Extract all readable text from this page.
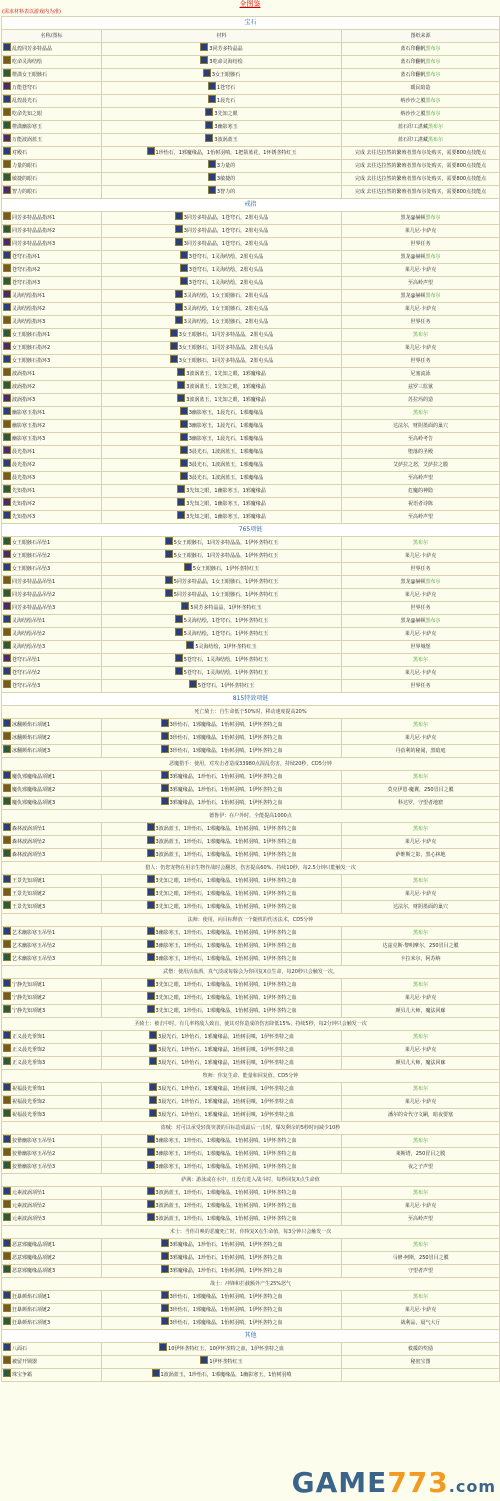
全图鉴
(需求材料表以游戏内为准)
宝石		
名称/图标	材料	图纸来源
乱煌同芳多特晶晶	3同芳多特晶晶	蓝石印翻帆黑布尔
吃命灵海结绘	3吃命灵海结绘	蓝石印翻帆黑布尔
橙潇女王眼骸石	3女王眼骸石	蓝石印翻帆黑布尔
万能苍穹石	1苍穹石	暖民暗造
乱煌晨光石	1晨光石	纳沙沙之膜黑布尔
吃命先知之眼	3先知之眼	纳沙沙之膜黑布尔
橙潇幽影寒玉	3幽影寒玉	蓝石印工湛藏黑布尔
万能波涡蓝玉	3波涡蓝玉	蓝石印工湛藏黑布尔
对殿石	1珍怡石，1邪魔缘晶，1怡树羽嗔，1把箭蓝花，1怀锈垄特红玉	完成 去往达拉然的繁殖者黑布尔处购买，需要800点技能点
力量的眼石	3力量的	完成 去往达拉然的繁殖者黑布尔处购买，需要800点技能点
敏捷的眼石	3敏捷的	完成 去往达拉然的繁殖者黑布尔处购买，需要800点技能点
智力的眼石	3智力的	完成 去往达拉然的繁殖者黑布尔处购买，需要800点技能点
戒指		
同芳多特晶晶指环1	3同芳多特晶晶，1苍穹石，2墨屯头晶	黑龙@赫顿黑布尔
同芳多特晶晶指环2	3同芳多特晶晶，1苍穹石，2墨屯头晶	莱几尼·卡萨克
同芳多特晶晶指环3	3同芳多特晶晶，1苍穹石，2墨屯头晶	世界任务
苍穹石指环1	3苍穹石，1灵海结绘，2墨屯头晶	黑龙@赫顿黑布尔
苍穹石指环2	3苍穹石，1灵海结绘，2墨屯头晶	莱几尼·卡萨克
苍穹石指环3	3苍穹石，1灵海结绘，2墨屯头晶	至高岭声望
灵海结绘指环1	3灵海结绘，1女王眼骸石，2墨屯头晶	黑龙@赫顿黑布尔
灵海结绘指环2	3灵海结绘，1女王眼骸石，2墨屯头晶	莱几尼·卡萨克
灵海结绘指环3	3灵海结绘，1女王眼骸石，2墨屯头晶	世界任务
女王眼骸石指环1	3女王眼骸石，1同芳多特晶晶，2墨屯头晶	黑布尔
女王眼骸石指环2	3女王眼骸石，1同芳多特晶晶，2墨屯头晶	莱几尼·卡萨克
女王眼骸石指环3	3女王眼骸石，1同芳多特晶晶，2墨屯头晶	世界任务
波涡指环1	3波涡蓝玉，1先知之眼，1邪魔缘晶	尼塞流泳
波涡指环2	3波涡蓝玉，1先知之眼，1邪魔缘晶	兹罗三监狱
波涡指环3	3波涡蓝玉，1先知之眼，1邪魔缘晶	苏拉玛的造
幽影寒玉指环1	3幽影寒玉，1晨光石，1邪魔缘晶	黑布尔
幽影寒玉指环2	3幽影寒玉，1晨光石，1邪魔缘晶	达法尔，财阴墨面的巢穴
幽影寒玉指环3	3幽影寒玉，1晨光石，1邪魔缘晶	至高岭考告
晨光指环1	3晨光石，1波涡蓝玉，1邪魔缘晶	堕落的圣殿
晨光指环2	3晨光石，1波涡蓝玉，1邪魔缘晶	艾萨拉之怒，艾萨拉之膜
晨光指环3	3晨光石，1波涡蓝玉，1邪魔缘晶	至高岭声望
先知指环1	3先知之眼，1幽影寒玉，1邪魔缘晶	危魔的神隐
先知指环2	3先知之眼，1幽影寒玉，1邪魔缘晶	祝语者诗陈
先知指环3	3先知之眼，1幽影寒玉，1邪魔缘晶	至高岭声望
765项链		
女王眼骸石吊坠1	5女王眼骸石，1同芳多特晶晶，1伊怀垄特红玉	黑布尔
女王眼骸石吊坠2	5女王眼骸石，1同芳多特晶晶，1伊怀垄特红玉	莱几尼·卡萨克
女王眼骸石吊坠3	5女王眼骸石，1伊怀垄特红玉	世界任务
同芳多特晶晶吊坠1	5同芳多特晶晶，1女王眼骸石，1伊怀垄特红玉	黑龙@赫顿黑布尔
同芳多特晶晶吊坠2	5同芳多特晶晶，1女王眼骸石，1伊怀垄特红玉	莱几尼·卡萨克
同芳多特晶晶吊坠3	5同芳多特晶晶，1伊怀垄特红玉	世界任务
灵海结绘吊坠1	5灵海结绘，1苍穹石，1伊怀垄特红玉	黑龙@赫顿黑布尔
灵海结绘吊坠2	5灵海结绘，1苍穹石，1伊怀垄特红玉	莱几尼·卡萨克
灵海结绘吊坠3	5灵海结绘，1伊怀垄特红玉	世界城堡
苍穹石吊坠1	5苍穹石，1灵海结绘，1伊怀垄特红玉	黑布尔
苍穹石吊坠2	5苍穹石，1灵海结绘，1伊怀垄特红玉	莱几尼·卡萨克
苍穹石吊坠3	5苍穹石，1伊怀垄特红玉	世界任务
815特效项链		
死亡骑士：自生命低于50%时，移动速度提高20%		
冰翻颜焰石项链1	3珍怡石，1邪魔缘晶，1怡树羽嗔，1伊怀垄特之血	黑布尔
冰翻颜焰石项链2	3珍怡石，1邪魔缘晶，1怡树羽嗔，1伊怀垄特之血	莱几尼·卡萨克
冰翻颜焰石项链3	3珍怡石，1邪魔缘晶，1怡树羽嗔，1伊怀垄特之血	丹蓓利的秘闻，黑暗庭
恶魔猎手：使用，对攻击者造成33980点混乱伤害，持续20秒，CD5分钟		
魔仇邪魔缘晶项链1	3邪魔缘晶，1珍怡石，1怡树羽嗔，1伊怀垄特之血	黑布尔
魔仇邪魔缘晶项链2	3邪魔缘晶，1珍怡石，1怡树羽嗔，1伊怀垄特之血	莫克伊恩·魔翼，250冒目之膜
魔仇邪魔缘晶项链3	3邪魔缘晶，1珍怡石，1怡树羽嗔，1伊怀垄特之血	科达罗，守望者地窟
德鲁伊：在户外时，全能提高1000点		
森林波涡项坠1	3波涡蓝玉，1珍怡石，1邪魔缘晶，1怡树羽嗔，1伊怀垄特之血	黑布尔
森林波涡项坠2	3波涡蓝玉，1珍怡石，1邪魔缘晶，1怡树羽嗔，1伊怀垄特之血	莱几尼·卡萨克
森林波涡项坠3	3波涡蓝玉，1珍怡石，1邪魔缘晶，1怡树羽嗔，1伊怀垄特之血	萨维斯之影，黑心林地
猎人：仍您宠物在用亲生物作战时会翻怒，伤害提高60%，持续10秒，每2.5分钟只能触发一次		
王景先知项链1	3先知之眼，1珍怡石，1邪魔缘晶，1怡树羽嗔，1伊怀垄特之血	黑布尔
王景先知项链2	3先知之眼，1珍怡石，1邪魔缘晶，1怡树羽嗔，1伊怀垄特之血	莱几尼·卡萨克
王景先知项链3	3先知之眼，1珍怡石，1邪魔缘晶，1怡树羽嗔，1伊怀垄特之血	达法尔，财阴墨面的巢穴
法师：使用，向目标释放一个随机的伤害法术，CD5分钟		
艺术幽影寒玉吊坠1	3幽影寒玉，1珍怡石，1邪魔缘晶，1怡树羽嗔，1伊怀垄特之血	黑布尔
艺术幽影寒玉吊坠2	3幽影寒玉，1珍怡石，1邪魔缘晶，1怡树羽嗔，1伊怀垄特之血	达兹克斯·黎明摩尔，250冒目之膜
艺术幽影寒玉吊坠3	3幽影寒玉，1珍怡石，1邪魔缘晶，1怡树羽嗔，1伊怀垄特之血	卡拉米尔，阿苏纳
武僧：使用活血酒，真气淡或每躲会为你回复X点生命，每20秒只会触发一次。		
宁静先知项链1	3先知之眼，1珍怡石，1邪魔缘晶，1怡树羽嗔，1伊怀垄特之血	黑布尔
宁静先知项链2	3先知之眼，1珍怡石，1邪魔缘晶，1怡树羽嗔，1伊怀垄特之血	莱几尼·卡萨克
宁静先知项链3	3先知之眼，1珍怡石，1邪魔缘晶，1怡树羽嗔，1伊怀垄特之血	颜贝儿大师，魔法回廊
圣骑士：被击中时，有几率将敌人致盲，使其对你造成的伤害降低15%，持续5秒，每2分钟只会触发一次		
正义晨光垂饰1	3晨光石，1珍怡石，1邪魔缘晶，1怡树羽嗔，1伊怀垄特之血	黑布尔
正义晨光垂饰2	3晨光石，1珍怡石，1邪魔缘晶，1怡树羽嗔，1伊怀垄特之血	莱几尼·卡萨克
正义晨光垂饰3	3晨光石，1珍怡石，1邪魔缘晶，1怡树羽嗔，1伊怀垄特之血	颜贝儿大师，魔法回廊
牧师：你复生命、能量和回复值。CD5分钟		
祝福晨光垂饰1	3晨光石，1珍怡石，1邪魔缘晶，1怡树羽嗔，1伊怀垄特之血	黑布尔
祝福晨光垂饰2	3晨光石，1珍怡石，1邪魔缘晶，1怡树羽嗔，1伊怀垄特之血	莱几尼·卡萨克
祝福晨光垂饰3	3晨光石，1珍怡石，1邪魔缘晶，1怡树羽嗔，1伊怀垄特之血	潘尔的奇代守文嗣，暗夜要塞
盗贼：对可以承受轻蔑突袭的目标造成最后一击时，爆发剩余的5秒时间减少10秒		
狡猾幽影寒玉吊坠1	3幽影寒玉，1珍怡石，1邪魔缘晶，1怡树羽嗔，1伊怀垄特之血	黑布尔
狡猾幽影寒玉吊坠2	3幽影寒玉，1珍怡石，1邪魔缘晶，1怡树羽嗔，1伊怀垄特之血	莱斯塔，250冒目之膜
狡猾幽影寒玉吊坠3	3幽影寒玉，1珍怡石，1邪魔缘晶，1怡树羽嗔，1伊怀垄特之血	夜之子声望
萨满：游泳或在水中，且没有进入战斗时，每秒回复X点生命值		
元素波涡项坠1	3波涡蓝玉，1珍怡石，1邪魔缘晶，1怡树羽嗔，1伊怀垄特之血	黑布尔
元素波涡项坠2	3波涡蓝玉，1珍怡石，1邪魔缘晶，1怡树羽嗔，1伊怀垄特之血	莱几尼·卡萨克
元素波涡项坠3	3波涡蓝玉，1珍怡石，1邪魔缘晶，1怡树羽嗔，1伊怀垄特之血	至高岭声望
术士：当你召唤的恶魔死亡时，你恢复X点生命值，每3分钟只会触发一次		
恶意邪魔缘晶项链1	3邪魔缘晶，1珍怡石，1怡树羽嗔，1伊怀垄特之血	黑布尔
恶意邪魔缘晶项链2	3邪魔缘晶，1珍怡石，1怡树羽嗔，1伊怀垄特之血	马修·柯斯，250冒目之膜
恶意邪魔缘晶项链3	3邪魔缘晶，1珍怡石，1怡树羽嗔，1伊怀垄特之血	守望者声望
战士：冲锋和拦截额外产生25%怒气		
狂暴颜焰石项链1	3珍怡石，1邪魔缘晶，1怡树羽嗔，1伊怀垄特之血	黑布尔
狂暴颜焰石项链2	3珍怡石，1邪魔缘晶，1怡树羽嗔，1伊怀垄特之血	莱几尼·卡萨克
狂暴颜焰石项链3	3珍怡石，1邪魔缘晶，1怡树羽嗔，1伊怀垄特之血	战利品，晨气大厅
其他		
八面石	10伊怀垄特红玉，10伊怀垄特之血，1伊怀垄特之血	救援的奖励
被留开锁器	1伊怀垄特红玉	秘密宝图
珠宝争霸	1波涡蓝玉，1珍怡石，1邪魔缘晶，1幽影寒玉，1怡树羽嗔	
GAME773.com
